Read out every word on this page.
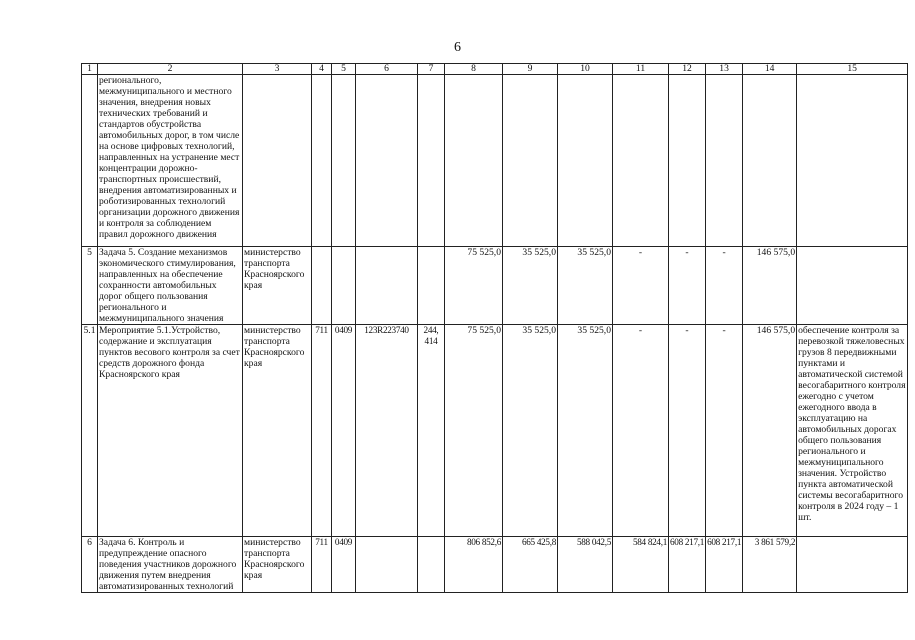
6
1	2	3	4	5	6	7	8	9	10	11	12	13	14	15
	регионального, межмуниципального и местного значения, внедрения новых технических требований и стандартов обустройства автомобильных дорог, в том числе на основе цифровых технологий, направленных на устранение мест концентрации дорожно-транспортных происшествий, внедрения автоматизированных и роботизированных технологий организации дорожного движения и контроля за соблюдением правил дорожного движения													
5	Задача 5. Создание механизмов экономического стимулирования, направленных на обеспечение сохранности автомобильных дорог общего пользования регионального и межмуниципального значения	министерство транспорта Красноярского края					75 525,0	35 525,0	35 525,0	-	-	-	146 575,0	
5.1	Мероприятие 5.1.Устройство, содержание и эксплуатация пунктов весового контроля за счет средств дорожного фонда Красноярского края	министерство транспорта Красноярского края	711	0409	123R223740	244, 414	75 525,0	35 525,0	35 525,0	-	-	-	146 575,0	обеспечение контроля за перевозкой тяжеловесных грузов 8 передвижными пунктами и автоматической системой весогабаритного контроля ежегодно с учетом ежегодного ввода в эксплуатацию на автомобильных дорогах общего пользования регионального и межмуниципального значения. Устройство пункта автоматической системы весогабаритного контроля в 2024 году – 1 шт.
6	Задача 6. Контроль и предупреждение опасного поведения участников дорожного движения путем внедрения автоматизированных технологий	министерство транспорта Красноярского края	711	0409			806 852,6	665 425,8	588 042,5	584 824,1	608 217,1	608 217,1	3 861 579,2	
